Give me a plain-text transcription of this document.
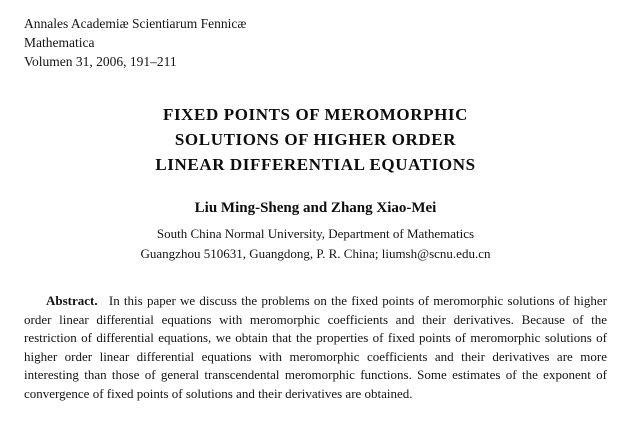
Annales Academiæ Scientiarum Fennicæ
Mathematica
Volumen 31, 2006, 191–211
FIXED POINTS OF MEROMORPHIC
SOLUTIONS OF HIGHER ORDER
LINEAR DIFFERENTIAL EQUATIONS
Liu Ming-Sheng and Zhang Xiao-Mei
South China Normal University, Department of Mathematics
Guangzhou 510631, Guangdong, P. R. China; liumsh@scnu.edu.cn

Abstract. In this paper we discuss the problems on the fixed points of meromorphic solutions of higher order linear differential equations with meromorphic coefficients and their derivatives. Because of the restriction of differential equations, we obtain that the properties of fixed points of meromorphic solutions of higher order linear differential equations with meromorphic coefficients and their derivatives are more interesting than those of general transcendental meromorphic functions. Some estimates of the exponent of convergence of fixed points of solutions and their derivatives are obtained.
